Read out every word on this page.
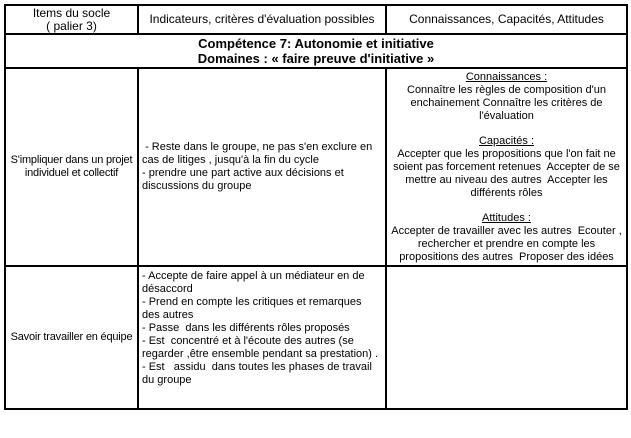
Items du socle
( palier 3)	Indicateurs, critères d'évaluation possibles	Connaissances, Capacités, Attitudes
Compétence 7: Autonomie et initiative
Domaines : « faire preuve d'initiative »
S'impliquer dans un projet individuel et collectif
- Reste dans le groupe, ne pas s'en exclure en cas de litiges , jusqu'à la fin du cycle
- prendre une part active aux décisions et discussions du groupe
Connaissances :
Connaître les règles de composition d'un enchainement Connaître les critères de l'évaluation
Capacités :
Accepter que les propositions que l'on fait ne soient pas forcement retenues  Accepter de se mettre au niveau des autres  Accepter les différents rôles
Attitudes :
Accepter de travailler avec les autres  Ecouter , rechercher et prendre en compte les propositions des autres  Proposer des idées
Savoir travailler en équipe
- Accepte de faire appel à un médiateur en de désaccord
- Prend en compte les critiques et remarques des autres
- Passe  dans les différents rôles proposés
- Est  concentré et à l'écoute des autres (se regarder ,être ensemble pendant sa prestation) .
- Est   assidu  dans toutes les phases de travail du groupe
